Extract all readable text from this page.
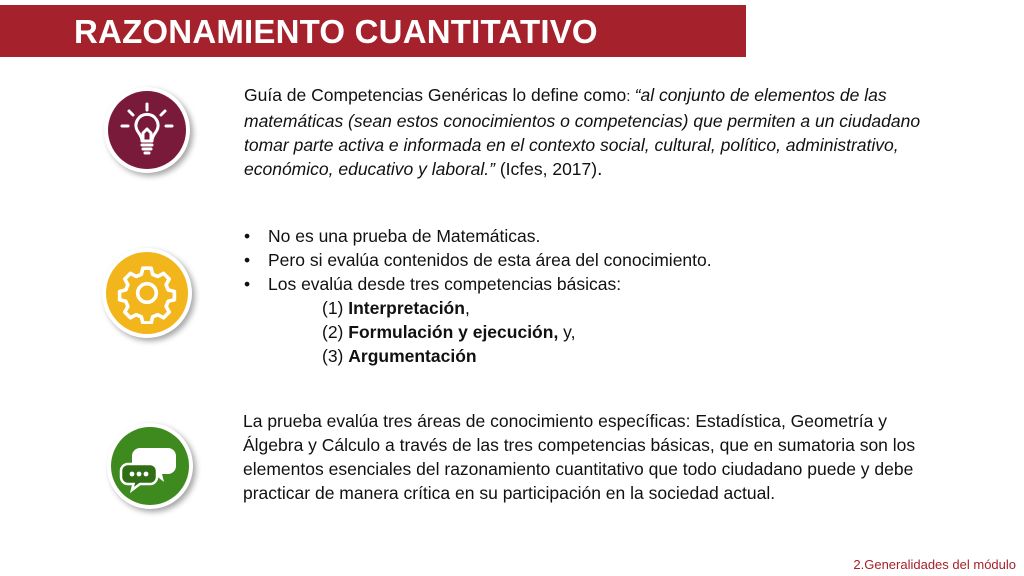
RAZONAMIENTO CUANTITATIVO
Guía de Competencias Genéricas lo define como: “al conjunto de elementos de las matemáticas (sean estos conocimientos o competencias) que permiten a un ciudadano tomar parte activa e informada en el contexto social, cultural, político, administrativo, económico, educativo y laboral.” (Icfes, 2017).
• No es una prueba de Matemáticas.
• Pero si evalúa contenidos de esta área del conocimiento.
• Los evalúa desde tres competencias básicas:
(1) Interpretación,
(2) Formulación y ejecución, y,
(3) Argumentación
La prueba evalúa tres áreas de conocimiento específicas: Estadística, Geometría y Álgebra y Cálculo a través de las tres competencias básicas, que en sumatoria son los elementos esenciales del razonamiento cuantitativo que todo ciudadano puede y debe practicar de manera crítica en su participación en la sociedad actual.
2.Generalidades del módulo
